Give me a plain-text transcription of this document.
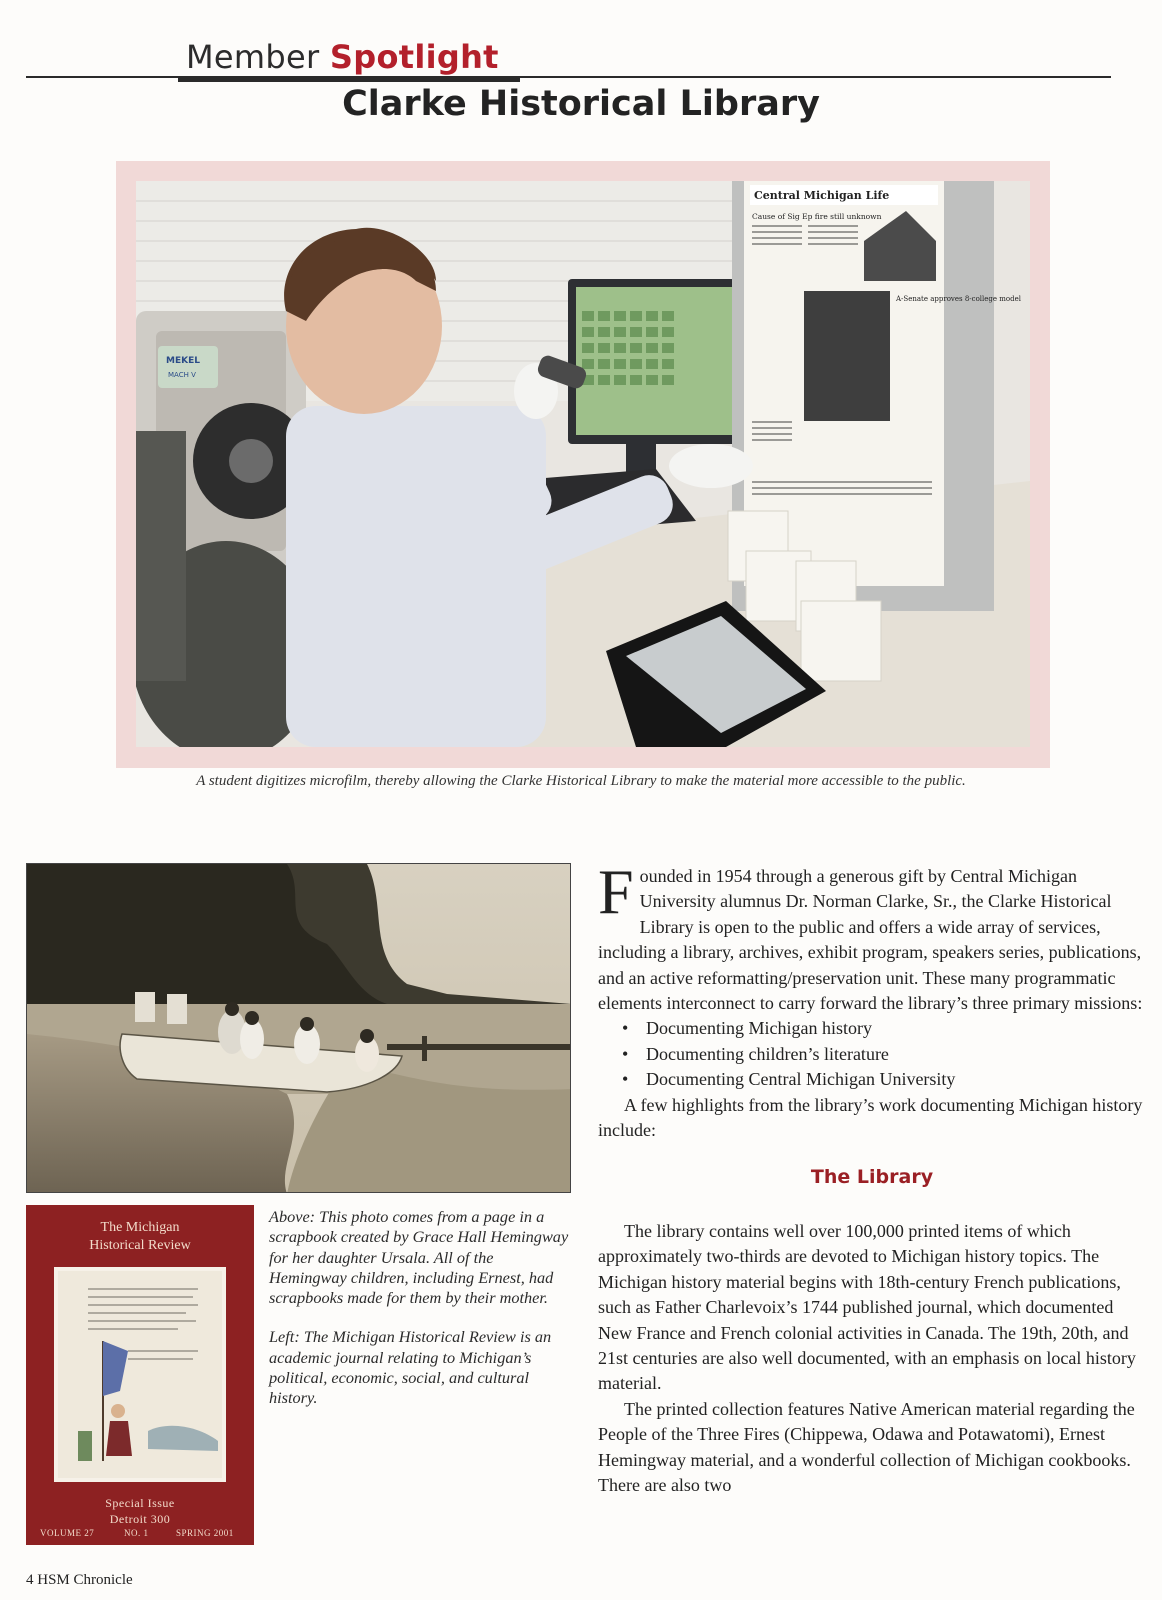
Member Spotlight
Clarke Historical Library
MEKEL
MACH V
Central Michigan Life
Cause of Sig Ep fire still unknown
A-Senate approves 8-college model
A student digitizes microfilm, thereby allowing the Clarke Historical Library to make the material more accessible to the public.
The Michigan
Historical Review
Special Issue
Detroit 300
VOLUME 27	NO. 1	SPRING 2001

Above: This photo comes from a page in a scrapbook created by Grace Hall Hemingway for her daughter Ursala. All of the Hemingway children, including Ernest, had scrapbooks made for them by their mother.

Left: The Michigan Historical Review is an academic journal relating to Michigan’s political, economic, social, and cultural history.

Founded in 1954 through a generous gift by Central Michigan University alumnus Dr. Norman Clarke, Sr., the Clarke Historical Library is open to the public and offers a wide array of services, including a library, archives, exhibit program, speakers series, publications, and an active reformatting/preservation unit. These many programmatic elements interconnect to carry forward the library’s three primary missions:

• Documenting Michigan history
• Documenting children’s literature
• Documenting Central Michigan University

A few highlights from the library’s work documenting Michigan history include:

The Library

The library contains well over 100,000 printed items of which approximately two-thirds are devoted to Michigan history topics. The Michigan history material begins with 18th-century French publications, such as Father Charlevoix’s 1744 published journal, which documented New France and French colonial activities in Canada. The 19th, 20th, and 21st centuries are also well documented, with an emphasis on local history material.

The printed collection features Native American material regarding the People of the Three Fires (Chippewa, Odawa and Potawatomi), Ernest Hemingway material, and a wonderful collection of Michigan cookbooks. There are also two

4 HSM Chronicle
